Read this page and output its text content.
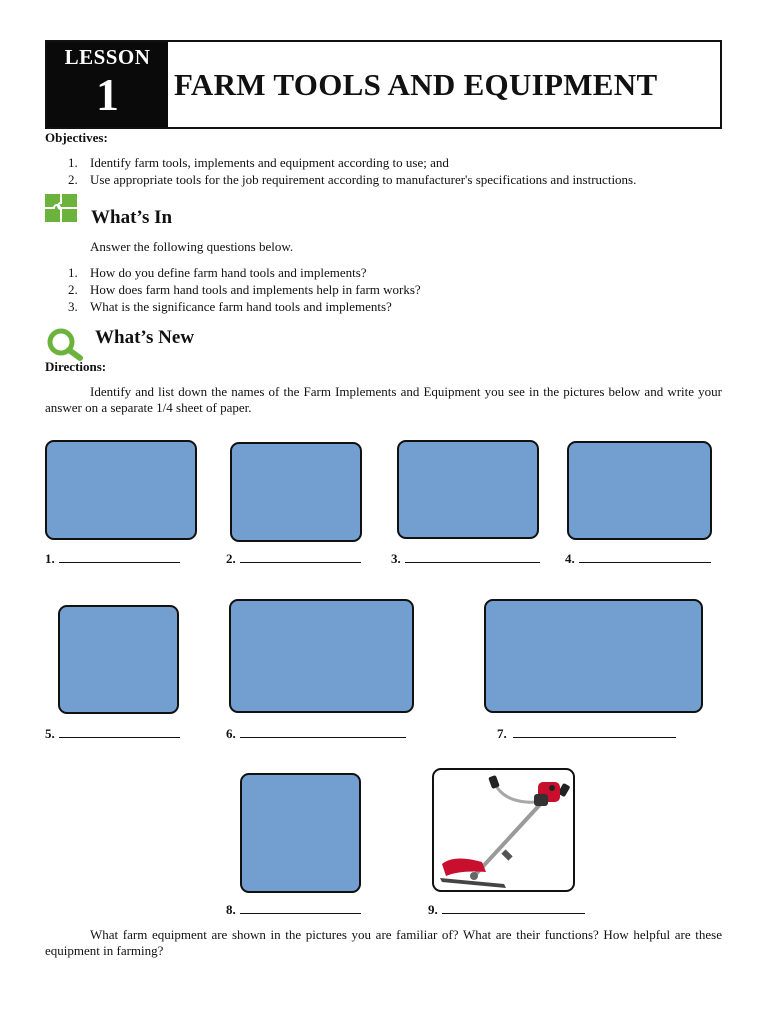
LESSON
1	FARM TOOLS AND EQUIPMENT
Objectives:
1. Identify farm tools, implements and equipment according to use; and
2. Use appropriate tools for the job requirement according to manufacturer's specifications and instructions.
What’s In
Answer the following questions below.
1. How do you define farm hand tools and implements?
2. How does farm hand tools and implements help in farm works?
3. What is the significance farm hand tools and implements?
What’s New
Directions:
Identify and list down the names of the Farm Implements and Equipment you see in the pictures below and write your answer on a separate 1/4 sheet of paper.
1.	2.	3.	4.
5.	6.	7.
8.	9.
What farm equipment are shown in the pictures you are familiar of? What are their functions? How helpful are these equipment in farming?
